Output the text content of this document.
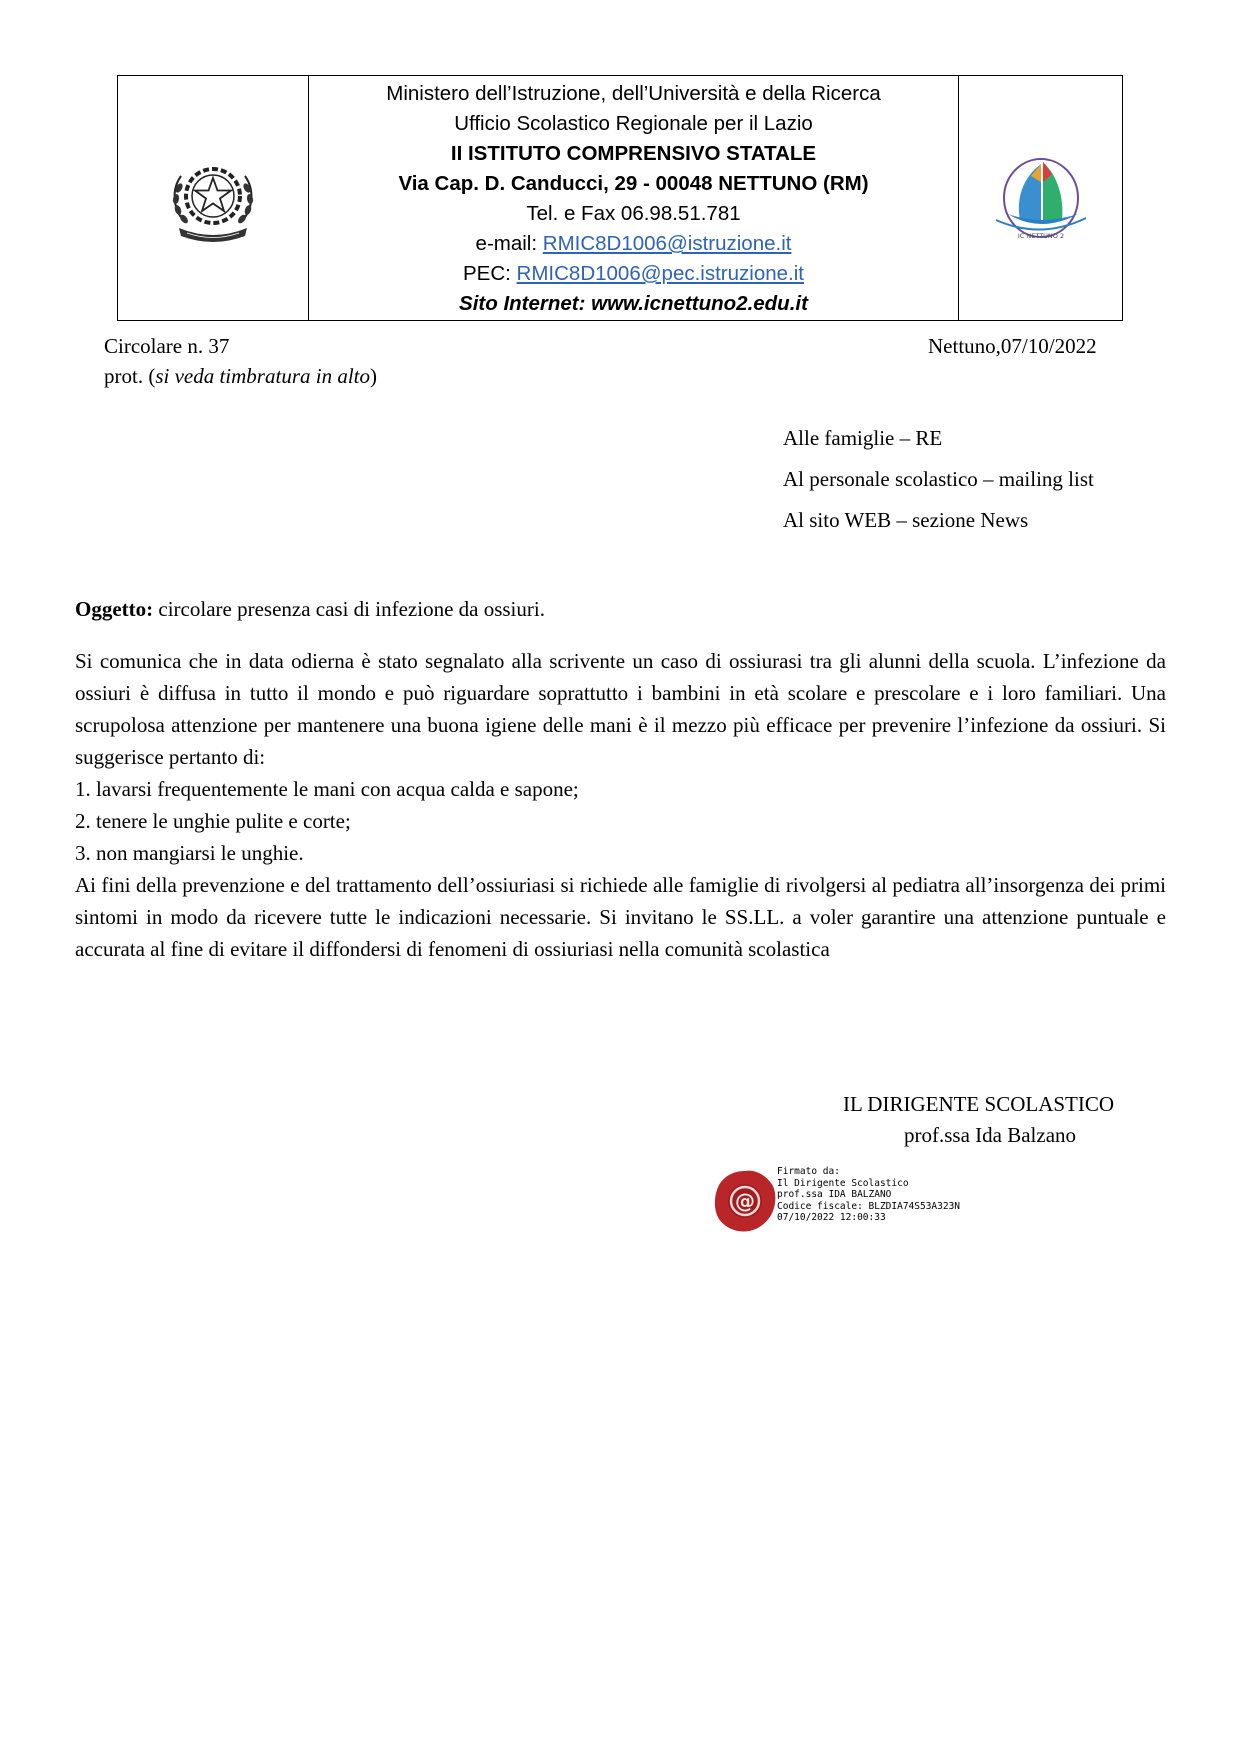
Ministero dell’Istruzione, dell’Università e della Ricerca
Ufficio Scolastico Regionale per il Lazio
II ISTITUTO COMPRENSIVO STATALE
Via Cap. D. Canducci, 29 - 00048 NETTUNO (RM)
Tel. e Fax 06.98.51.781
e-mail: RMIC8D1006@istruzione.it
PEC: RMIC8D1006@pec.istruzione.it
Sito Internet: www.icnettuno2.edu.it
IC NETTUNO 2
Circolare n. 37
prot. (si veda timbratura in alto)
Nettuno,07/10/2022
Alle famiglie – RE
Al personale scolastico – mailing list
Al sito WEB – sezione News
Oggetto: circolare presenza casi di infezione da ossiuri.

Si comunica che in data odierna è stato segnalato alla scrivente un caso di ossiurasi tra gli alunni della scuola. L’infezione da ossiuri è diffusa in tutto il mondo e può riguardare soprattutto i bambini in età scolare e prescolare e i loro familiari. Una scrupolosa attenzione per mantenere una buona igiene delle mani è il mezzo più efficace per prevenire l’infezione da ossiuri. Si suggerisce pertanto di:

1. lavarsi frequentemente le mani con acqua calda e sapone;

2. tenere le unghie pulite e corte;

3. non mangiarsi le unghie.

Ai fini della prevenzione e del trattamento dell’ossiuriasi si richiede alle famiglie di rivolgersi al pediatra all’insorgenza dei primi sintomi in modo da ricevere tutte le indicazioni necessarie. Si invitano le SS.LL. a voler garantire una attenzione puntuale e accurata al fine di evitare il diffondersi di fenomeni di ossiuriasi nella comunità scolastica

IL DIRIGENTE SCOLASTICO
prof.ssa Ida Balzano
@
Firmato da:
Il Dirigente Scolastico
prof.ssa IDA BALZANO
Codice fiscale: BLZDIA74S53A323N
07/10/2022 12:00:33
